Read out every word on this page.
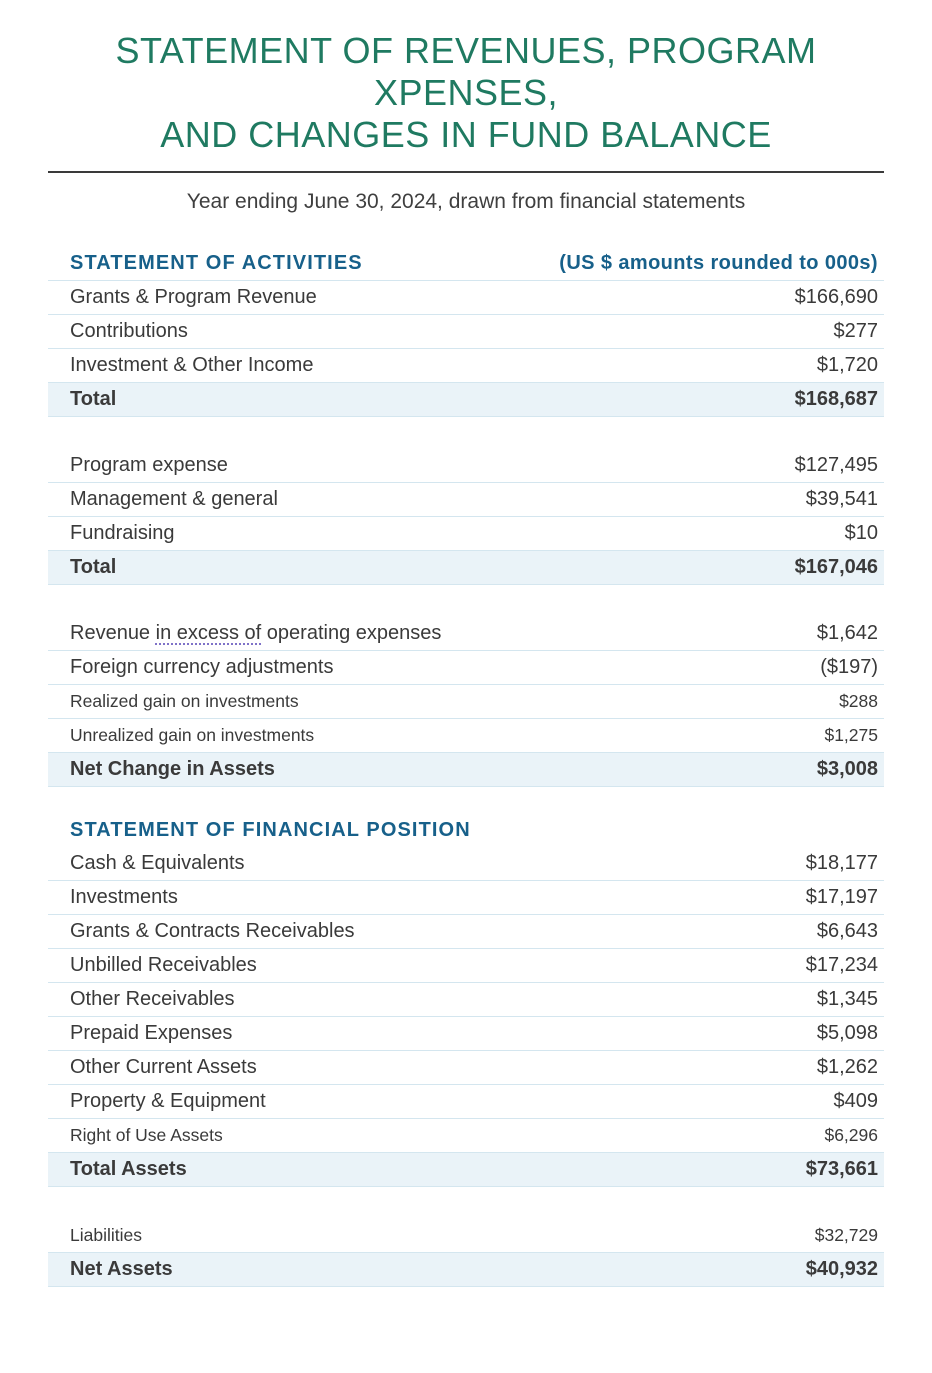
STATEMENT OF REVENUES, PROGRAM XPENSES,
AND CHANGES IN FUND BALANCE
Year ending June 30, 2024, drawn from financial statements
STATEMENT OF ACTIVITIES	(US $ amounts rounded to 000s)
Grants & Program Revenue	$166,690
Contributions	$277
Investment & Other Income	$1,720
Total	$168,687
Program expense	$127,495
Management & general	$39,541
Fundraising	$10
Total	$167,046
Revenue in excess of operating expenses	$1,642
Foreign currency adjustments	($197)
Realized gain on investments	$288
Unrealized gain on investments	$1,275
Net Change in Assets	$3,008
STATEMENT OF FINANCIAL POSITION
Cash & Equivalents	$18,177
Investments	$17,197
Grants & Contracts Receivables	$6,643
Unbilled Receivables	$17,234
Other Receivables	$1,345
Prepaid Expenses	$5,098
Other Current Assets	$1,262
Property & Equipment	$409
Right of Use Assets	$6,296
Total Assets	$73,661
Liabilities	$32,729
Net Assets	$40,932
